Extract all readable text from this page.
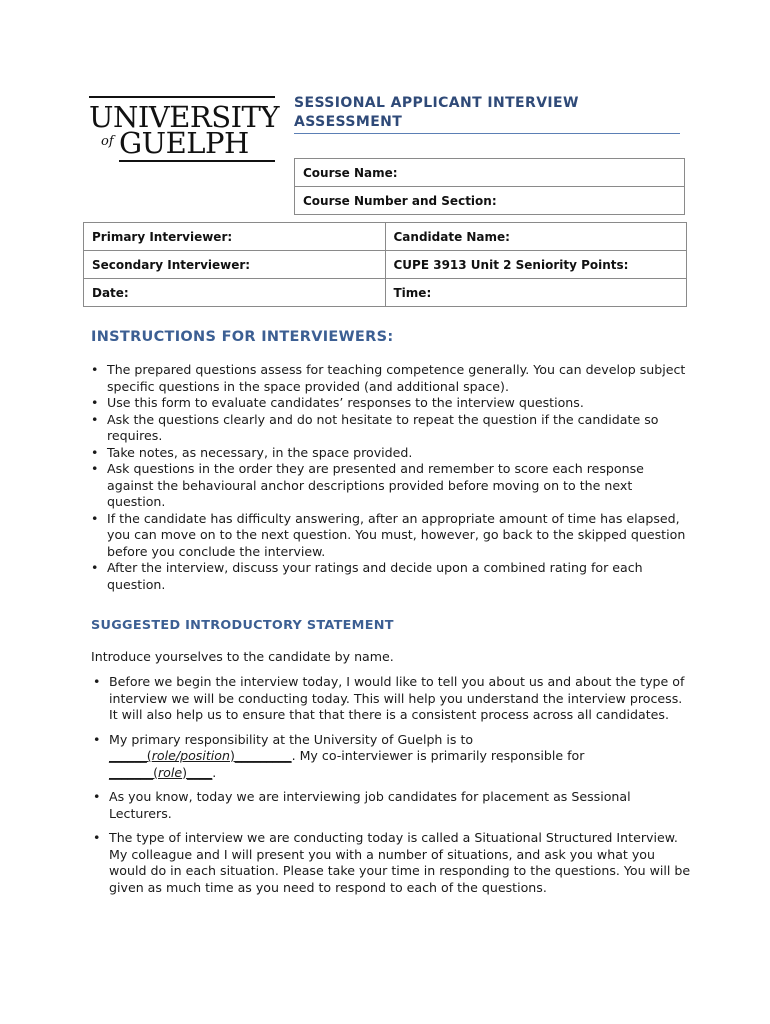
UNIVERSITY
of GUELPH
SESSIONAL APPLICANT INTERVIEW ASSESSMENT
Course Name:
Course Number and Section:
Primary Interviewer:	Candidate Name:
Secondary Interviewer:	CUPE 3913 Unit 2 Seniority Points:
Date:	Time:
INSTRUCTIONS FOR INTERVIEWERS:
• The prepared questions assess for teaching competence generally. You can develop subject specific questions in the space provided (and additional space).
• Use this form to evaluate candidates’ responses to the interview questions.
• Ask the questions clearly and do not hesitate to repeat the question if the candidate so requires.
• Take notes, as necessary, in the space provided.
• Ask questions in the order they are presented and remember to score each response against the behavioural anchor descriptions provided before moving on to the next question.
• If the candidate has difficulty answering, after an appropriate amount of time has elapsed, you can move on to the next question. You must, however, go back to the skipped question before you conclude the interview.
• After the interview, discuss your ratings and decide upon a combined rating for each question.
SUGGESTED INTRODUCTORY STATEMENT
Introduce yourselves to the candidate by name.
• Before we begin the interview today, I would like to tell you about us and about the type of interview we will be conducting today. This will help you understand the interview process. It will also help us to ensure that that there is a consistent process across all candidates.
• My primary responsibility at the University of Guelph is to
______(role/position)_________. My co-interviewer is primarily responsible for
_______(role)____.
• As you know, today we are interviewing job candidates for placement as Sessional Lecturers.
• The type of interview we are conducting today is called a Situational Structured Interview. My colleague and I will present you with a number of situations, and ask you what you would do in each situation. Please take your time in responding to the questions. You will be given as much time as you need to respond to each of the questions.
